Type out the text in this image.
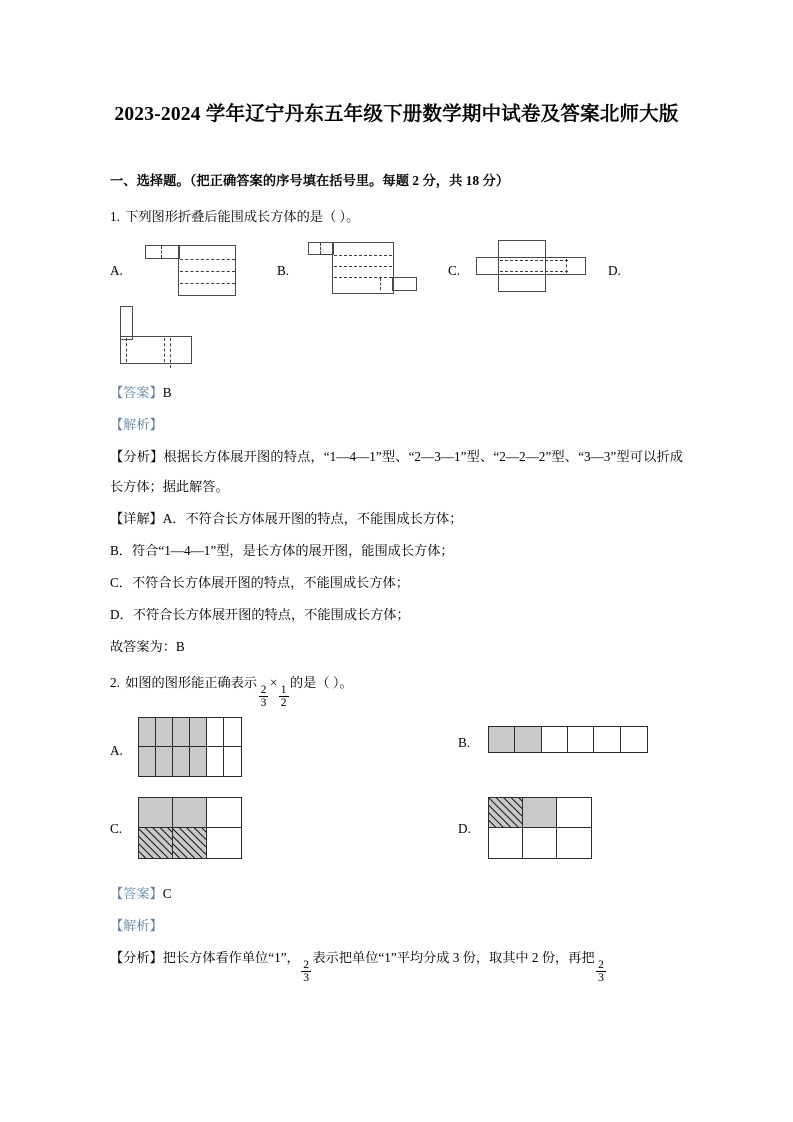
2023-2024 学年辽宁丹东五年级下册数学期中试卷及答案北师大版
一、选择题。（把正确答案的序号填在括号里。每题 2 分，共 18 分）
1. 下列图形折叠后能围成长方体的是（ ）。
A.	B.	C.	D.
【答案】B
【解析】
【分析】根据长方体展开图的特点，“1—4—1”型、“2—3—1”型、“2—2—2”型、“3—3”型可以折成长方体；据此解答。
【详解】A．不符合长方体展开图的特点，不能围成长方体；
B．符合“1—4—1”型，是长方体的展开图，能围成长方体；
C．不符合长方体展开图的特点，不能围成长方体；
D．不符合长方体展开图的特点，不能围成长方体；
故答案为：B
2. 如图的图形能正确表示
$\frac{2}{3}$
×
$\frac{1}{2}$
的是（ ）。
A.
B.
C.	D.
【答案】C
【解析】
【分析】把长方体看作单位“1”，
$\frac{2}{3}$
表示把单位“1”平均分成 3 份，取其中 2 份，再把
$\frac{2}{3}$
